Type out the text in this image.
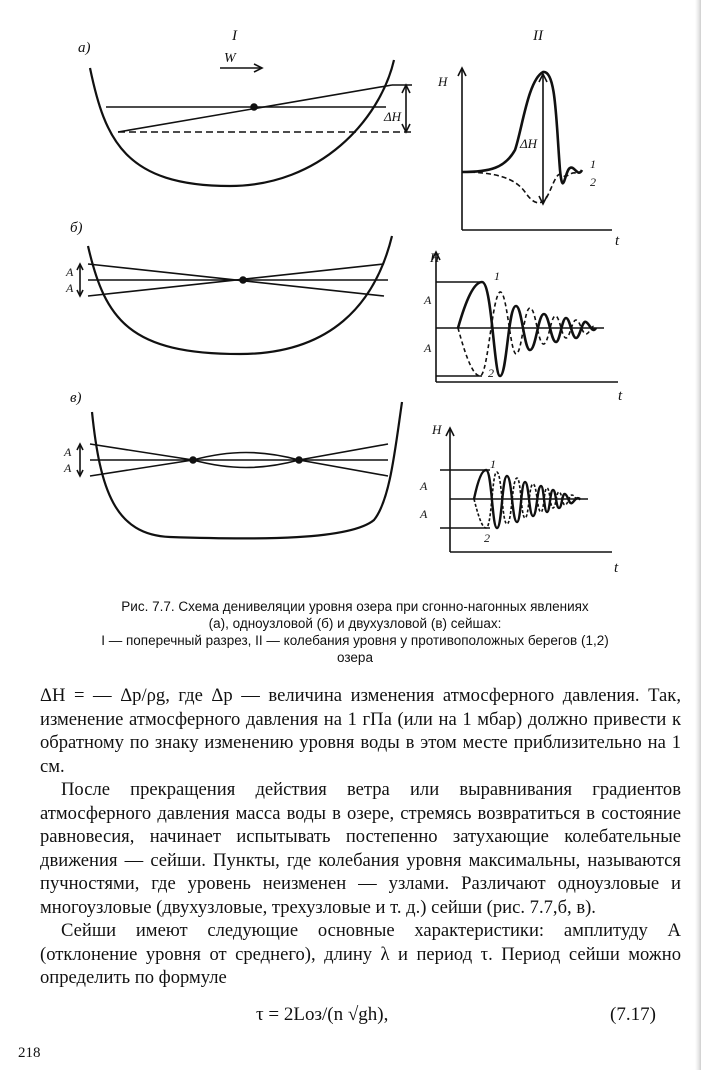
I	II
W
а)
ΔH
H
t
ΔH
1
2
б)
A
A
H
t
A
A
1
2
в)
A
A
H
t
A
A
1
2
Рис. 7.7. Схема денивеляции уровня озера при сгонно-нагонных явлениях
(а), одноузловой (б) и двухузловой (в) сейшах:
I — поперечный разрез, II — колебания уровня у противоположных берегов (1,2)
озера

ΔH = — Δp/ρg, где Δp — величина изменения атмосферного давления. Так, изменение атмосферного давления на 1 гПа (или на 1 мбар) должно привести к обратному по знаку изменению уровня воды в этом месте приблизительно на 1 см.

После прекращения действия ветра или выравнивания градиентов атмосферного давления масса воды в озере, стремясь возвратиться в состояние равновесия, начинает испытывать постепенно затухающие колебательные движения — сейши. Пункты, где колебания уровня максимальны, называются пучностями, где уровень неизменен — узлами. Различают одноузловые и многоузловые (двухузловые, трехузловые и т. д.) сейши (рис. 7.7,б, в).

Сейши имеют следующие основные характеристики: амплитуду A (отклонение уровня от среднего), длину λ и период τ. Период сейши можно определить по формуле

τ = 2Lоз/(n √gh),	(7.17)
218
